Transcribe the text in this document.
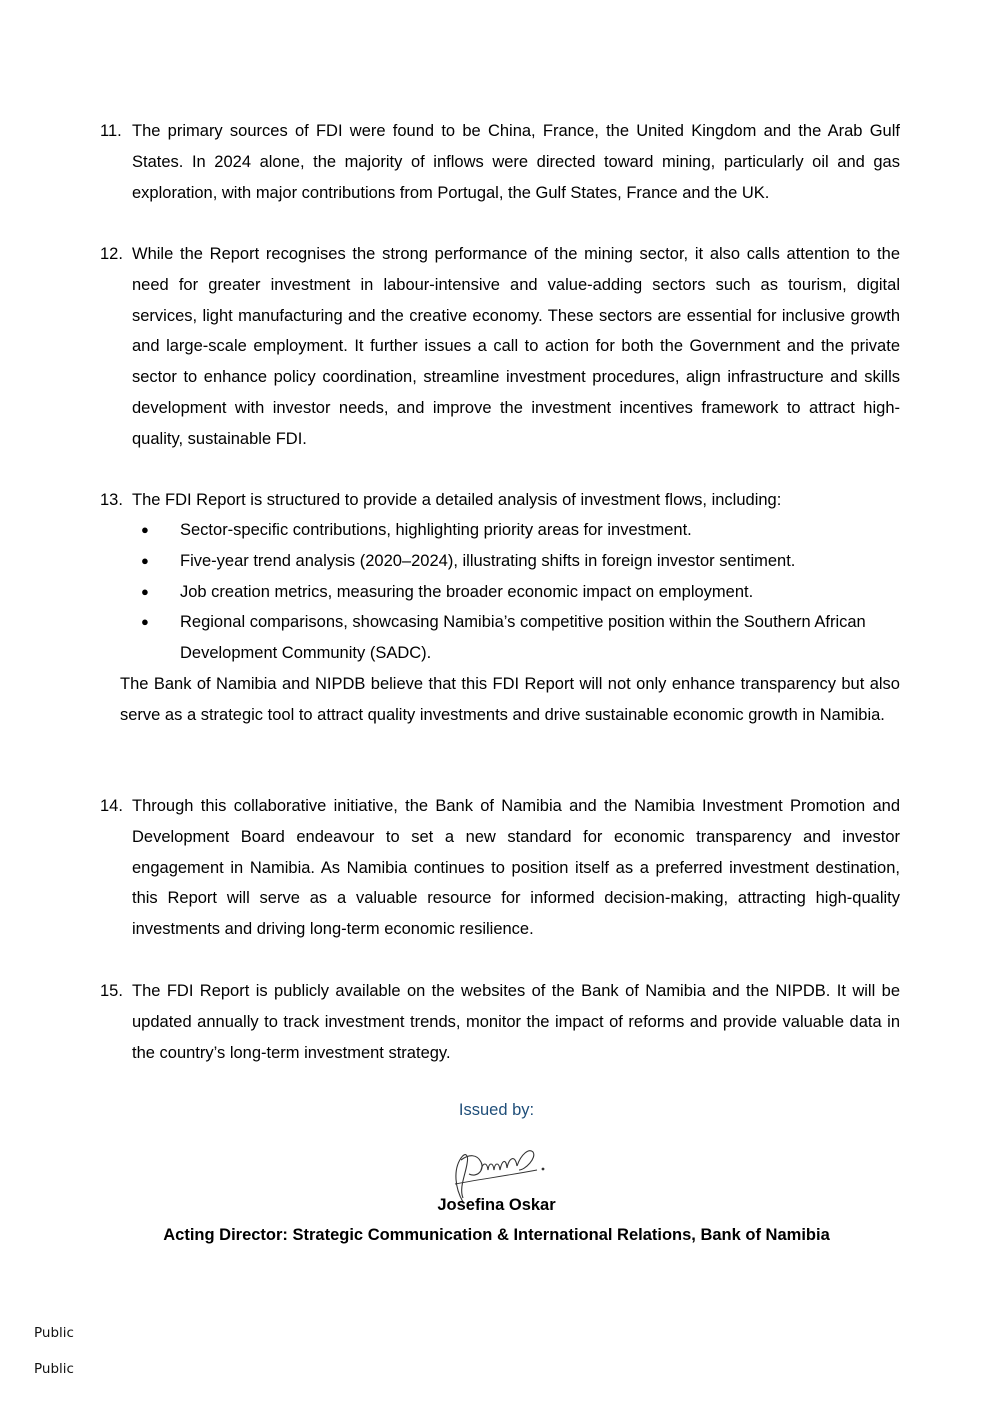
11. The primary sources of FDI were found to be China, France, the United Kingdom and the Arab Gulf States. In 2024 alone, the majority of inflows were directed toward mining, particularly oil and gas exploration, with major contributions from Portugal, the Gulf States, France and the UK.
12. While the Report recognises the strong performance of the mining sector, it also calls attention to the need for greater investment in labour-intensive and value-adding sectors such as tourism, digital services, light manufacturing and the creative economy. These sectors are essential for inclusive growth and large-scale employment. It further issues a call to action for both the Government and the private sector to enhance policy coordination, streamline investment procedures, align infrastructure and skills development with investor needs, and improve the investment incentives framework to attract high-quality, sustainable FDI.
13. The FDI Report is structured to provide a detailed analysis of investment flows, including:
● Sector-specific contributions, highlighting priority areas for investment.
● Five-year trend analysis (2020–2024), illustrating shifts in foreign investor sentiment.
● Job creation metrics, measuring the broader economic impact on employment.
● Regional comparisons, showcasing Namibia’s competitive position within the Southern African Development Community (SADC).

The Bank of Namibia and NIPDB believe that this FDI Report will not only enhance transparency but also serve as a strategic tool to attract quality investments and drive sustainable economic growth in Namibia.

14. Through this collaborative initiative, the Bank of Namibia and the Namibia Investment Promotion and Development Board endeavour to set a new standard for economic transparency and investor engagement in Namibia. As Namibia continues to position itself as a preferred investment destination, this Report will serve as a valuable resource for informed decision-making, attracting high-quality investments and driving long-term economic resilience.
15. The FDI Report is publicly available on the websites of the Bank of Namibia and the NIPDB. It will be updated annually to track investment trends, monitor the impact of reforms and provide valuable data in the country’s long-term investment strategy.
Issued by:
Josefina Oskar
Acting Director: Strategic Communication & International Relations, Bank of Namibia
Public
Public
